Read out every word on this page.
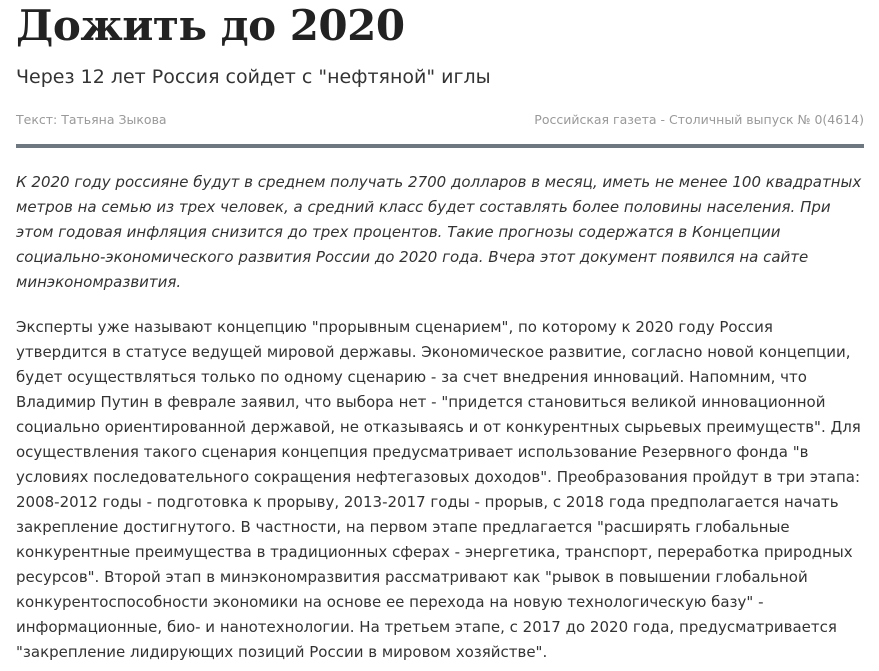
Дожить до 2020
Через 12 лет Россия сойдет с "нефтяной" иглы
Текст: Татьяна Зыкова	Российская газета - Столичный выпуск № 0(4614)

К 2020 году россияне будут в среднем получать 2700 долларов в месяц, иметь не менее 100 квадратных метров на семью из трех человек, а средний класс будет составлять более половины населения. При этом годовая инфляция снизится до трех процентов. Такие прогнозы содержатся в Концепции социально-экономического развития России до 2020 года. Вчера этот документ появился на сайте минэкономразвития.

Эксперты уже называют концепцию "прорывным сценарием", по которому к 2020 году Россия утвердится в статусе ведущей мировой державы. Экономическое развитие, согласно новой концепции, будет осуществляться только по одному сценарию - за счет внедрения инноваций. Напомним, что Владимир Путин в феврале заявил, что выбора нет - "придется становиться великой инновационной социально ориентированной державой, не отказываясь и от конкурентных сырьевых преимуществ". Для осуществления такого сценария концепция предусматривает использование Резервного фонда "в условиях последовательного сокращения нефтегазовых доходов". Преобразования пройдут в три этапа: 2008-2012 годы - подготовка к прорыву, 2013-2017 годы - прорыв, с 2018 года предполагается начать закрепление достигнутого. В частности, на первом этапе предлагается "расширять глобальные конкурентные преимущества в традиционных сферах - энергетика, транспорт, переработка природных ресурсов". Второй этап в минэкономразвития рассматривают как "рывок в повышении глобальной конкурентоспособности экономики на основе ее перехода на новую технологическую базу" - информационные, био- и нанотехнологии. На третьем этапе, с 2017 до 2020 года, предусматривается "закрепление лидирующих позиций России в мировом хозяйстве".
